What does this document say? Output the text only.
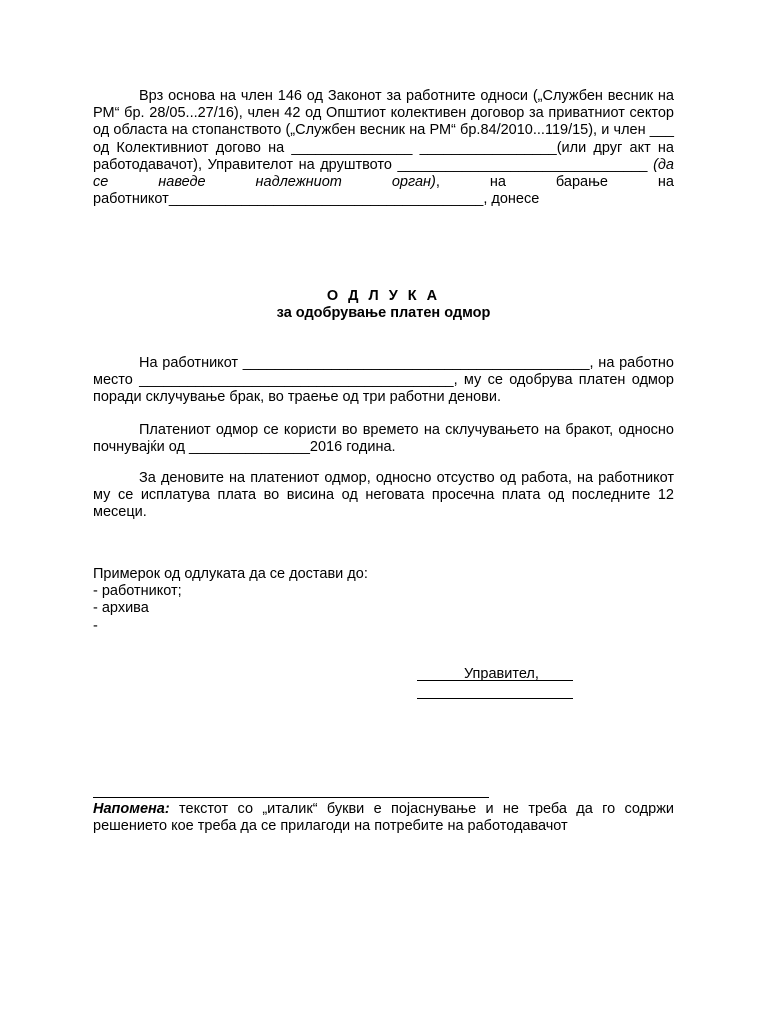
Врз основа на член 146 од Законот за работните односи („Службен весник на РМ“ бр. 28/05...27/16), член 42 од Општиот колективен договор за приватниот сектор од областа на стопанството („Службен весник на РМ“ бр.84/2010...119/15), и член ___ од Колективниот догово на _______________ _________________(или друг акт на работодавачот), Управителот на друштвото _______________________________ (да се наведе надлежниот орган), на барање на работникот_______________________________________, донесе

О Д Л У К А
за одобрување платен одмор

На работникот ___________________________________________, на работно место _______________________________________, му се одобрува платен одмор поради склучување брак, во траење од три работни денови.

Платениот одмор се користи во времето на склучувањето на бракот, односно почнувајќи од _______________2016 година.

За деновите на платениот одмор, односно отсуство од работа, на работникот му се исплатува плата во висина од неговата просечна плата од последните 12 месеци.

Примерок од одлуката да се достави до:
- работникот;
- архива
-
Управител,

Напомена: текстот со „италик“ букви е појаснување и не треба да го содржи решението кое треба да се прилагоди на потребите на работодавачот
